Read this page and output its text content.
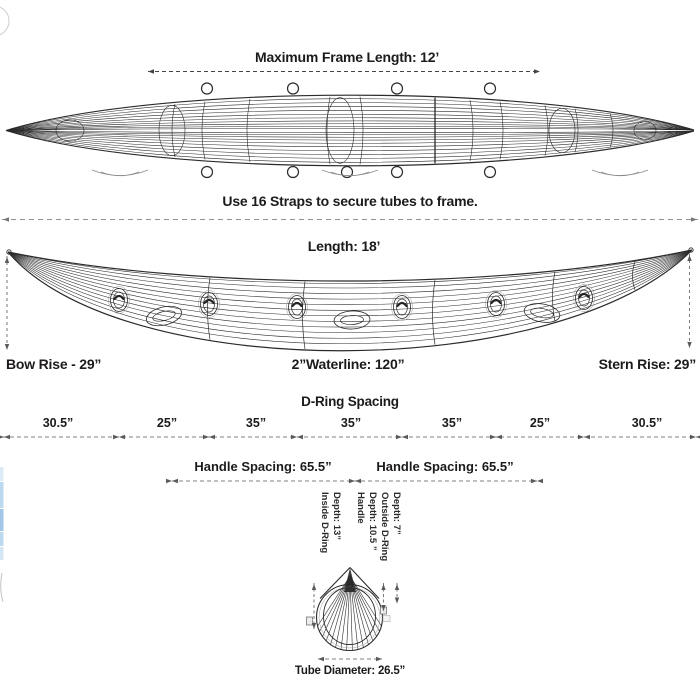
Maximum Frame Length: 12’
Use 16 Straps to secure tubes to frame.
Length: 18’
Bow Rise - 29”	2”Waterline: 120”	Stern Rise: 29”
D-Ring Spacing
30.5”	25”	35”	35”	35”	25”	30.5”
Handle Spacing: 65.5”	Handle Spacing: 65.5”
Inside D-Ring Depth: 13” Handle Depth: 10.5 ” Outside D-Ring Depth: 7”
Tube Diameter: 26.5”
